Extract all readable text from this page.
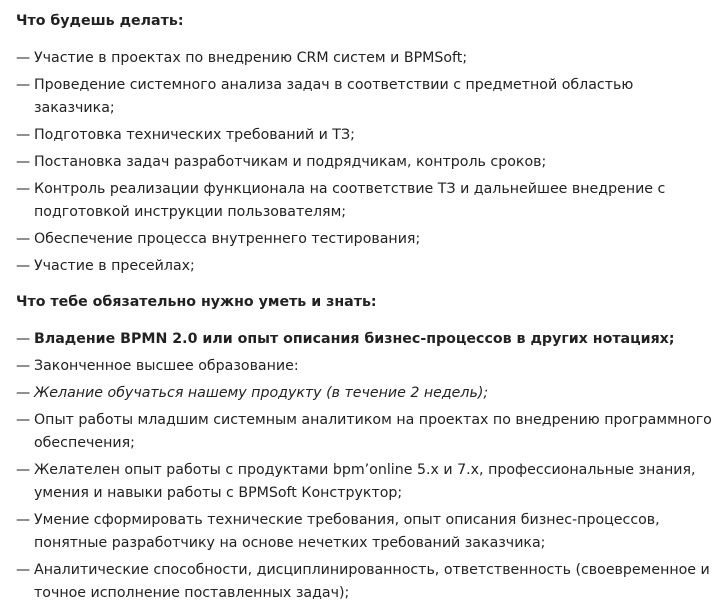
Что будешь делать:
— Участие в проектах по внедрению CRM систем и BPMSoft;
— Проведение системного анализа задач в соответствии с предметной областью заказчика;
— Подготовка технических требований и ТЗ;
— Постановка задач разработчикам и подрядчикам, контроль сроков;
— Контроль реализации функционала на соответствие ТЗ и дальнейшее внедрение с подготовкой инструкции пользователям;
— Обеспечение процесса внутреннего тестирования;
— Участие в пресейлах;
Что тебе обязательно нужно уметь и знать:
— Владение BPMN 2.0 или опыт описания бизнес-процессов в других нотациях;
— Законченное высшее образование:
— Желание обучаться нашему продукту (в течение 2 недель);
— Опыт работы младшим системным аналитиком на проектах по внедрению программного обеспечения;
— Желателен опыт работы с продуктами bpm’online 5.x и 7.x, профессиональные знания, умения и навыки работы с BPMSoft Конструктор;
— Умение сформировать технические требования, опыт описания бизнес-процессов, понятные разработчику на основе нечетких требований заказчика;
— Аналитические способности, дисциплинированность, ответственность (своевременное и точное исполнение поставленных задач);
